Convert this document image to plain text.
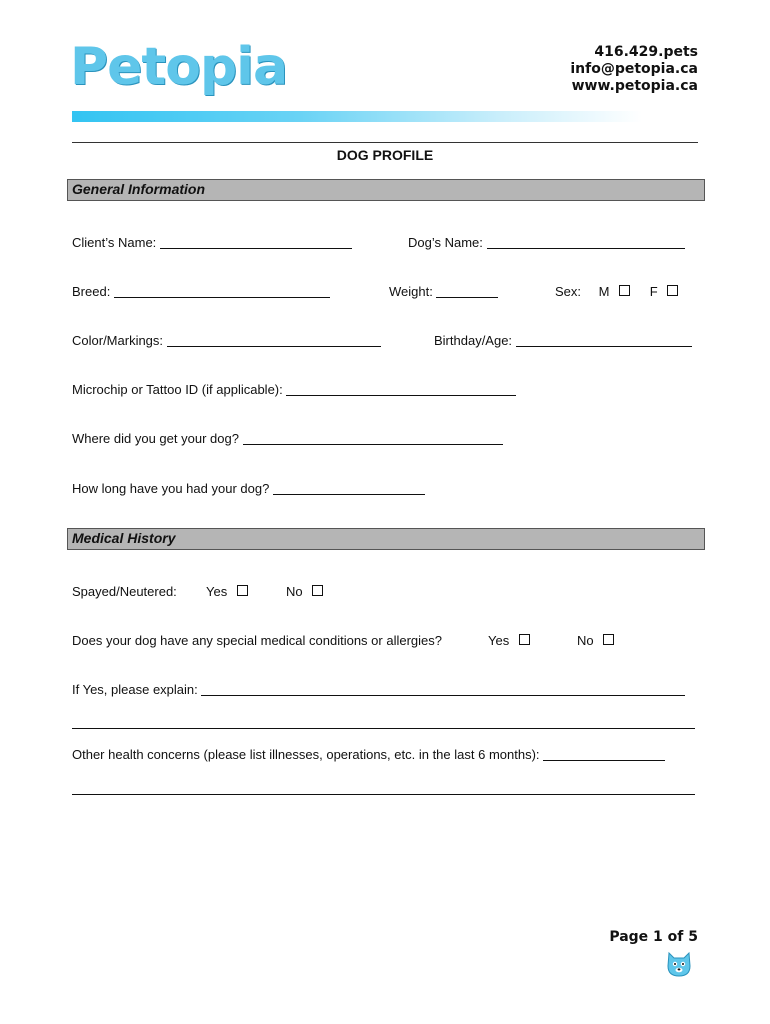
Petopia	416.429.pets
info@petopia.ca
www.petopia.ca
DOG PROFILE
General Information
Client’s Name:	Dog’s Name:
Breed:	Weight:	Sex: M	F
Color/Markings:	Birthday/Age:
Microchip or Tattoo ID (if applicable):
Where did you get your dog?
How long have you had your dog?
Medical History
Spayed/Neutered: Yes	No
Does your dog have any special medical conditions or allergies?	Yes	No
If Yes, please explain:
Other health concerns (please list illnesses, operations, etc. in the last 6 months):
Page 1 of 5
